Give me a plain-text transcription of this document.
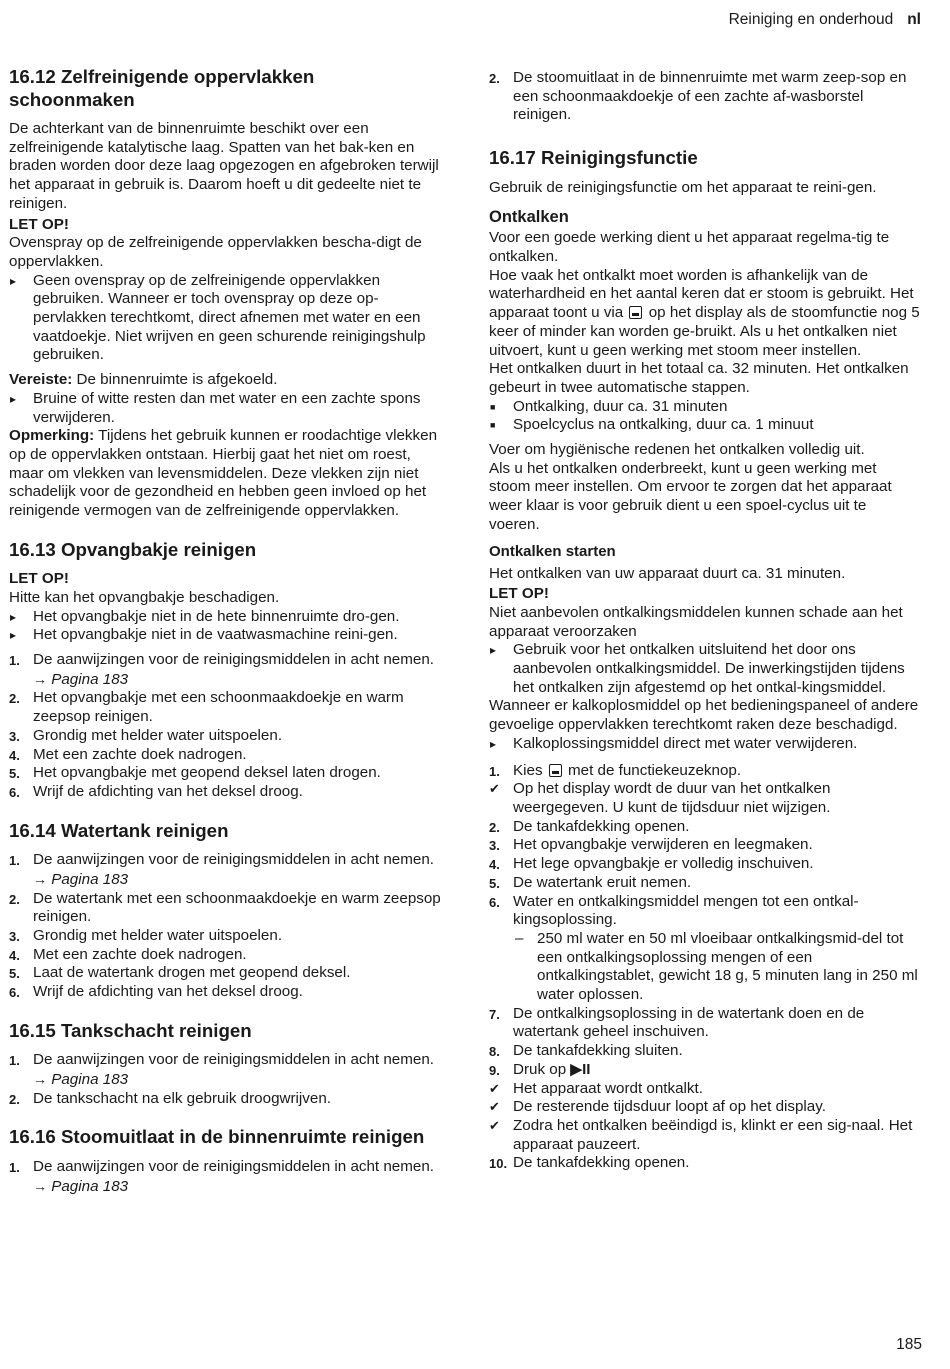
Reiniging en onderhoud nl
16.12 Zelfreinigende oppervlakken schoonmaken

De achterkant van de binnenruimte beschikt over een zelfreinigende katalytische laag. Spatten van het bak-ken en braden worden door deze laag opgezogen en afgebroken terwijl het apparaat in gebruik is. Daarom hoeft u dit gedeelte niet te reinigen.

LET OP!

Ovenspray op de zelfreinigende oppervlakken bescha-digt de oppervlakken.

▸ Geen ovenspray op de zelfreinigende oppervlakken gebruiken. Wanneer er toch ovenspray op deze op-pervlakken terechtkomt, direct afnemen met water en een vaatdoekje. Niet wrijven en geen schurende reinigingshulp gebruiken.

Vereiste: De binnenruimte is afgekoeld.

▸ Bruine of witte resten dan met water en een zachte spons verwijderen.

Opmerking: Tijdens het gebruik kunnen er roodachtige vlekken op de oppervlakken ontstaan. Hierbij gaat het niet om roest, maar om vlekken van levensmiddelen. Deze vlekken zijn niet schadelijk voor de gezondheid en hebben geen invloed op het reinigende vermogen van de zelfreinigende oppervlakken.

16.13 Opvangbakje reinigen

LET OP!

Hitte kan het opvangbakje beschadigen.

▸ Het opvangbakje niet in de hete binnenruimte dro-gen.
▸ Het opvangbakje niet in de vaatwasmachine reini-gen.
1. De aanwijzingen voor de reinigingsmiddelen in acht nemen. → Pagina 183
2. Het opvangbakje met een schoonmaakdoekje en warm zeepsop reinigen.
3. Grondig met helder water uitspoelen.
4. Met een zachte doek nadrogen.
5. Het opvangbakje met geopend deksel laten drogen.
6. Wrijf de afdichting van het deksel droog.
16.14 Watertank reinigen
1. De aanwijzingen voor de reinigingsmiddelen in acht nemen. → Pagina 183
2. De watertank met een schoonmaakdoekje en warm zeepsop reinigen.
3. Grondig met helder water uitspoelen.
4. Met een zachte doek nadrogen.
5. Laat de watertank drogen met geopend deksel.
6. Wrijf de afdichting van het deksel droog.
16.15 Tankschacht reinigen
1. De aanwijzingen voor de reinigingsmiddelen in acht nemen. → Pagina 183
2. De tankschacht na elk gebruik droogwrijven.
16.16 Stoomuitlaat in de binnenruimte reinigen
1. De aanwijzingen voor de reinigingsmiddelen in acht nemen. → Pagina 183
2. De stoomuitlaat in de binnenruimte met warm zeep-sop en een schoonmaakdoekje of een zachte af-wasborstel reinigen.
16.17 Reinigingsfunctie

Gebruik de reinigingsfunctie om het apparaat te reini-gen.

Ontkalken

Voor een goede werking dient u het apparaat regelma-tig te ontkalken.

Hoe vaak het ontkalkt moet worden is afhankelijk van de waterhardheid en het aantal keren dat er stoom is gebruikt. Het apparaat toont u via  op het display als de stoomfunctie nog 5 keer of minder kan worden ge-bruikt. Als u het ontkalken niet uitvoert, kunt u geen werking met stoom meer instellen.

Het ontkalken duurt in het totaal ca. 32 minuten. Het ontkalken gebeurt in twee automatische stappen.

■ Ontkalking, duur ca. 31 minuten
■ Spoelcyclus na ontkalking, duur ca. 1 minuut

Voer om hygiënische redenen het ontkalken volledig uit.

Als u het ontkalken onderbreekt, kunt u geen werking met stoom meer instellen. Om ervoor te zorgen dat het apparaat weer klaar is voor gebruik dient u een spoel-cyclus uit te voeren.

Ontkalken starten

Het ontkalken van uw apparaat duurt ca. 31 minuten.

LET OP!

Niet aanbevolen ontkalkingsmiddelen kunnen schade aan het apparaat veroorzaken

▸ Gebruik voor het ontkalken uitsluitend het door ons aanbevolen ontkalkingsmiddel. De inwerkingstijden tijdens het ontkalken zijn afgestemd op het ontkal-kingsmiddel.

Wanneer er kalkoplosmiddel op het bedieningspaneel of andere gevoelige oppervlakken terechtkomt raken deze beschadigd.

▸ Kalkoplossingsmiddel direct met water verwijderen.
1. Kies  met de functiekeuzeknop.
✔ Op het display wordt de duur van het ontkalken weergegeven. U kunt de tijdsduur niet wijzigen.
2. De tankafdekking openen.
3. Het opvangbakje verwijderen en leegmaken.
4. Het lege opvangbakje er volledig inschuiven.
5. De watertank eruit nemen.
6. Water en ontkalkingsmiddel mengen tot een ontkal-kingsoplossing.
– 250 ml water en 50 ml vloeibaar ontkalkingsmid-del tot een ontkalkingsoplossing mengen of een ontkalkingstablet, gewicht 18 g, 5 minuten lang in 250 ml water oplossen.
7. De ontkalkingsoplossing in de watertank doen en de watertank geheel inschuiven.
8. De tankafdekking sluiten.
9. Druk op ▶II
✔ Het apparaat wordt ontkalkt.
✔ De resterende tijdsduur loopt af op het display.
✔ Zodra het ontkalken beëindigd is, klinkt er een sig-naal. Het apparaat pauzeert.
10. De tankafdekking openen.
185
